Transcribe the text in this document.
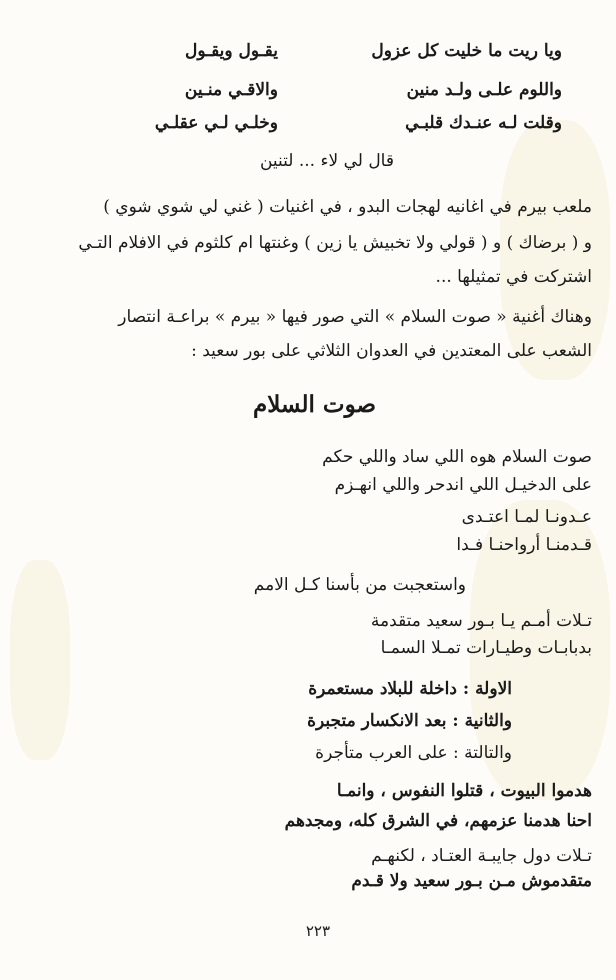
ويا ريت ما خليت كل عزول
يقـول ويقـول
واللوم علـى ولـد منين
والاقـي منـين
وقلت لـه عنـدك قلبـي
وخلـي لـي عقلـي
قال لي لاء ... لتنين
ملعب بيرم في اغانيه لهجات البدو ، في اغنيات ( غني لي شوي شوي )
و ( برضاك ) و ( قولي ولا تخبيش يا زين ) وغنتها ام كلثوم في الافلام التـي
اشتركت في تمثيلها ...
وهناك أغنية « صوت السلام » التي صور فيها « بيرم » براعـة انتصار
الشعب على المعتدين في العدوان الثلاثي على بور سعيد :
صوت السلام
صوت السلام هوه اللي ساد واللي حكم
على الدخيـل اللي اندحر واللي انهـزم
عـدونـا لمـا اعتـدى
قـدمنـا أرواحنـا فـدا
واستعجبت من بأسنا كـل الامم
تـلات أمـم يـا بـور سعيد متقدمة
بدبابـات وطيـارات تمـلا السمـا
الاولة : داخلة للبلاد مستعمرة
والثانية : بعد الانكسار متجبرة
والتالتة : على العرب متأجرة
هدموا البيوت ، قتلوا النفوس ، وانمـا
احنا هدمنا عزمهم، في الشرق كله، ومجدهم
تـلات دول جايبـة العتـاد ، لكنهـم
متقدموش مـن بـور سعيد ولا قـدم
٢٢٣
